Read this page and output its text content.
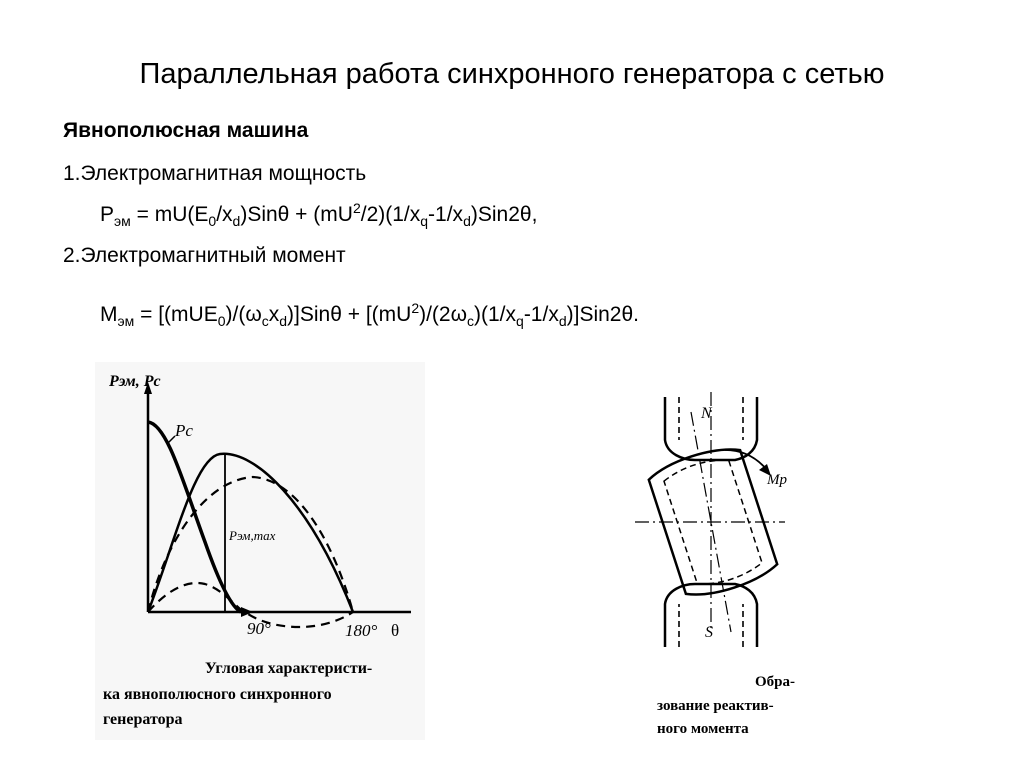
Параллельная работа синхронного генератора с сетью
Явнополюсная машина
1.Электромагнитная мощность
$P_{эм} = mU(E_0/x_d)Sin\theta + (mU^2/2)(1/x_q-1/x_d)Sin2\theta$,
2.Электромагнитный момент
$M_{эм} = [(mUE_0)/(\omega_cx_d)]Sin\theta + [(mU^2)/(2\omega_c)(1/x_q-1/x_d)]Sin2\theta$.
Pэм, Pc
Pc
Pэм,max
90°	180° θ
Угловая характеристи-
ка явнополюсного синхронного
генератора
N
S
Mр
Обра-
зование реактив-
ного момента
